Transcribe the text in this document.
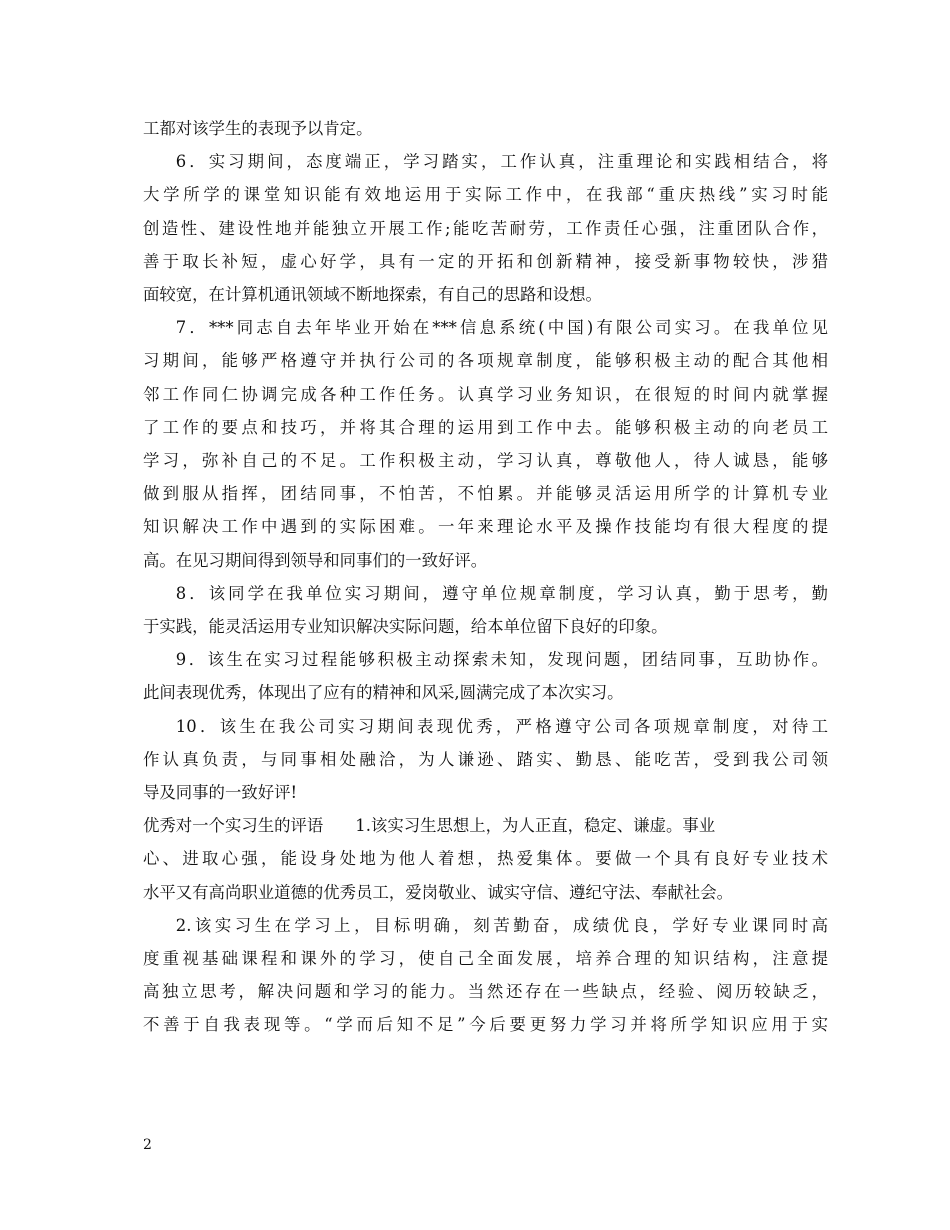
工都对该学生的表现予以肯定。

6．实习期间，态度端正，学习踏实，工作认真，注重理论和实践相结合，将

大学所学的课堂知识能有效地运用于实际工作中，在我部“重庆热线”实习时能

创造性、建设性地并能独立开展工作;能吃苦耐劳，工作责任心强，注重团队合作，

善于取长补短，虚心好学，具有一定的开拓和创新精神，接受新事物较快，涉猎

面较宽，在计算机通讯领域不断地探索，有自己的思路和设想。

7．***同志自去年毕业开始在***信息系统(中国)有限公司实习。在我单位见

习期间，能够严格遵守并执行公司的各项规章制度，能够积极主动的配合其他相

邻工作同仁协调完成各种工作任务。认真学习业务知识，在很短的时间内就掌握

了工作的要点和技巧，并将其合理的运用到工作中去。能够积极主动的向老员工

学习，弥补自己的不足。工作积极主动，学习认真，尊敬他人，待人诚恳，能够

做到服从指挥，团结同事，不怕苦，不怕累。并能够灵活运用所学的计算机专业

知识解决工作中遇到的实际困难。一年来理论水平及操作技能均有很大程度的提

高。在见习期间得到领导和同事们的一致好评。

8．该同学在我单位实习期间，遵守单位规章制度，学习认真，勤于思考，勤

于实践，能灵活运用专业知识解决实际问题，给本单位留下良好的印象。

9．该生在实习过程能够积极主动探索未知，发现问题，团结同事，互助协作。

此间表现优秀，体现出了应有的精神和风采,圆满完成了本次实习。

10．该生在我公司实习期间表现优秀，严格遵守公司各项规章制度，对待工

作认真负责，与同事相处融洽，为人谦逊、踏实、勤恳、能吃苦，受到我公司领

导及同事的一致好评!

优秀对一个实习生的评语 1.该实习生思想上，为人正直，稳定、谦虚。事业

心、进取心强，能设身处地为他人着想，热爱集体。要做一个具有良好专业技术

水平又有高尚职业道德的优秀员工，爱岗敬业、诚实守信、遵纪守法、奉献社会。

2.该实习生在学习上，目标明确，刻苦勤奋，成绩优良，学好专业课同时高

度重视基础课程和课外的学习，使自己全面发展，培养合理的知识结构，注意提

高独立思考，解决问题和学习的能力。当然还存在一些缺点，经验、阅历较缺乏，

不善于自我表现等。“学而后知不足”今后要更努力学习并将所学知识应用于实

2
